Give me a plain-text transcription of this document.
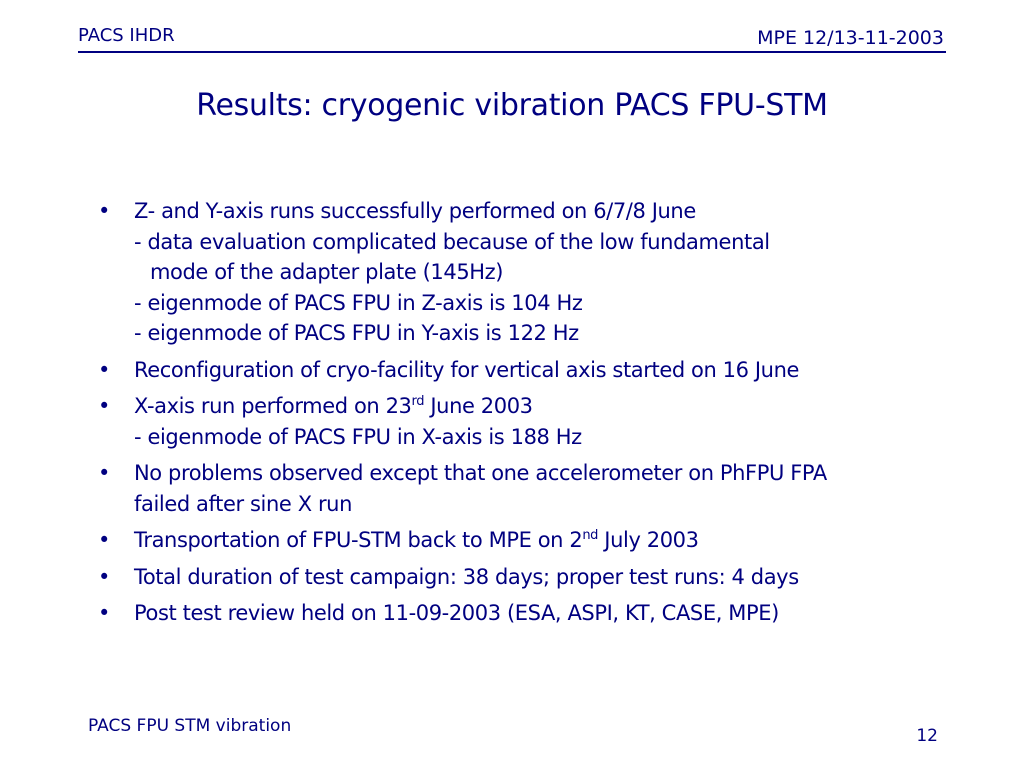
PACS IHDR	MPE 12/13-11-2003
Results: cryogenic vibration PACS FPU-STM
• Z- and Y-axis runs successfully performed on 6/7/8 June
- data evaluation complicated because of the low fundamental
mode of the adapter plate (145Hz)
- eigenmode of PACS FPU in Z-axis is 104 Hz
- eigenmode of PACS FPU in Y-axis is 122 Hz
• Reconfiguration of cryo-facility for vertical axis started on 16 June
• X-axis run performed on 23rd June 2003
- eigenmode of PACS FPU in X-axis is 188 Hz
• No problems observed except that one accelerometer on PhFPU FPA
failed after sine X run
• Transportation of FPU-STM back to MPE on 2nd July 2003
• Total duration of test campaign: 38 days; proper test runs: 4 days
• Post test review held on 11-09-2003 (ESA, ASPI, KT, CASE, MPE)
PACS FPU STM vibration	12
